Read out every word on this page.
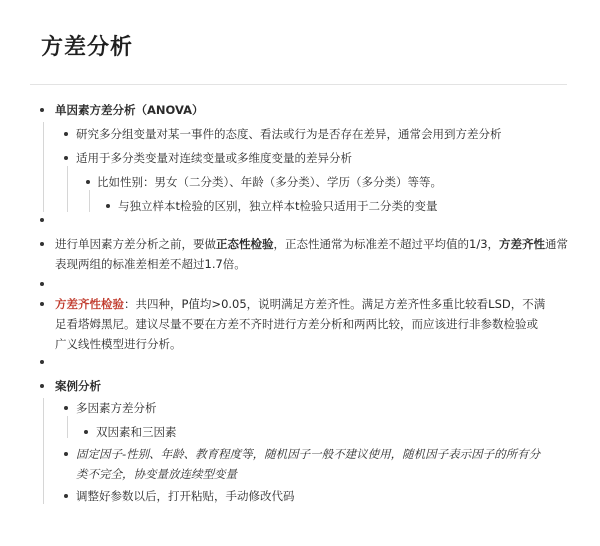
方差分析
单因素方差分析（ANOVA）
研究多分组变量对某一事件的态度、看法或行为是否存在差异，通常会用到方差分析
适用于多分类变量对连续变量或多维度变量的差异分析
比如性别：男女（二分类）、年龄（多分类）、学历（多分类）等等。
与独立样本t检验的区别，独立样本t检验只适用于二分类的变量
进行单因素方差分析之前，要做正态性检验，正态性通常为标准差不超过平均值的1/3，方差齐性通常
表现两组的标准差相差不超过1.7倍。
方差齐性检验：共四种，P值均>0.05，说明满足方差齐性。满足方差齐性多重比较看LSD，不满
足看塔姆黑尼。建议尽量不要在方差不齐时进行方差分析和两两比较，而应该进行非参数检验或
广义线性模型进行分析。
案例分析
多因素方差分析
双因素和三因素
固定因子-性别、年龄、教育程度等，随机因子一般不建议使用，随机因子表示因子的所有分
类不完全，协变量放连续型变量
调整好参数以后，打开粘贴，手动修改代码
